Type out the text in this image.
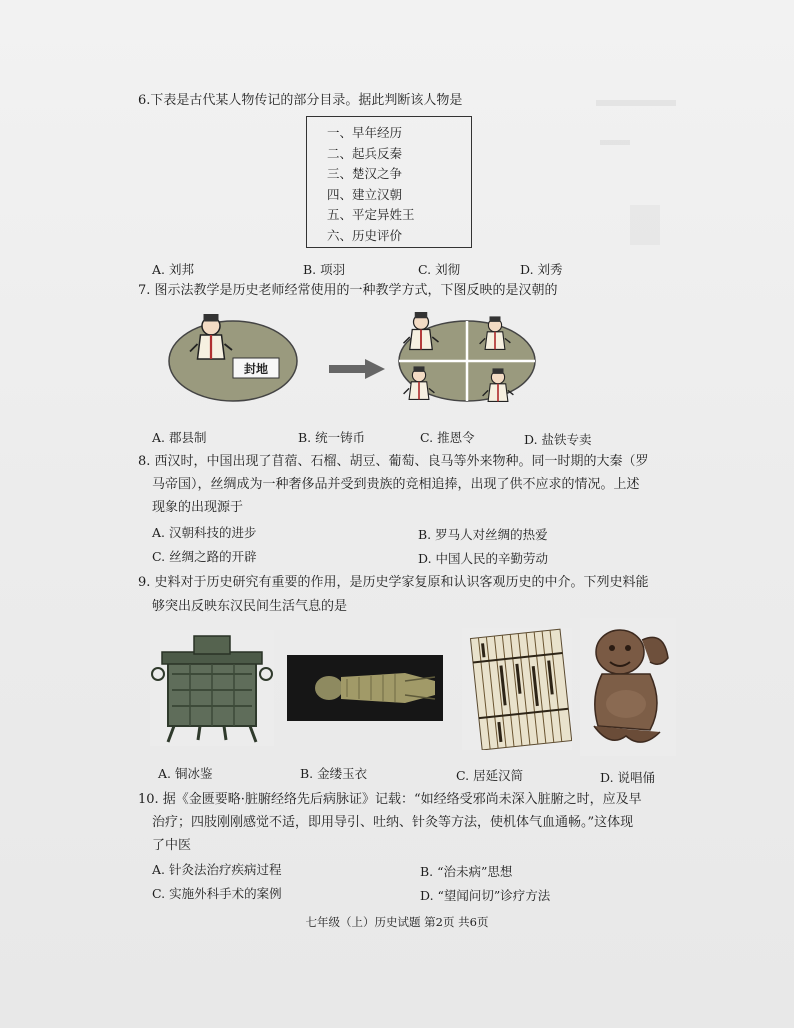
6.下表是古代某人物传记的部分目录。据此判断该人物是
一、早年经历
二、起兵反秦
三、楚汉之争
四、建立汉朝
五、平定异姓王
六、历史评价
A. 刘邦	B. 项羽	C. 刘彻	D. 刘秀
7. 图示法教学是历史老师经常使用的一种教学方式，下图反映的是汉朝的
封地
A. 郡县制	B. 统一铸币	C. 推恩令	D. 盐铁专卖
8. 西汉时，中国出现了苜蓿、石榴、胡豆、葡萄、良马等外来物种。同一时期的大秦（罗
马帝国），丝绸成为一种奢侈品并受到贵族的竞相追捧，出现了供不应求的情况。上述
现象的出现源于
A. 汉朝科技的进步	B. 罗马人对丝绸的热爱
C. 丝绸之路的开辟	D. 中国人民的辛勤劳动
9. 史料对于历史研究有重要的作用，是历史学家复原和认识客观历史的中介。下列史料能
够突出反映东汉民间生活气息的是
A. 铜冰鉴	B. 金缕玉衣	C. 居延汉简	D. 说唱俑
10. 据《金匮要略·脏腑经络先后病脉证》记载：“如经络受邪尚未深入脏腑之时，应及早
治疗；四肢刚刚感觉不适，即用导引、吐纳、针灸等方法，使机体气血通畅。”这体现
了中医
A. 针灸法治疗疾病过程	B. “治未病”思想
C. 实施外科手术的案例	D. “望闻问切”诊疗方法
七年级（上）历史试题 第2页 共6页
